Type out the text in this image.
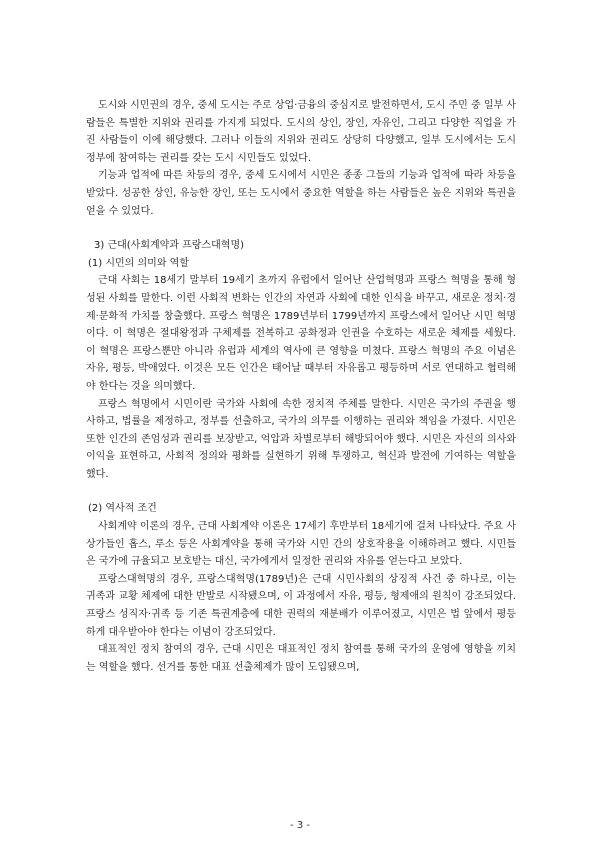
도시와 시민권의 경우, 중세 도시는 주로 상업·금융의 중심지로 발전하면서, 도시 주민 중 일부 사람들은 특별한 지위와 권리를 가지게 되었다. 도시의 상인, 장인, 자유인, 그리고 다양한 직업을 가진 사람들이 이에 해당했다. 그러나 이들의 지위와 권리도 상당히 다양했고, 일부 도시에서는 도시 정부에 참여하는 권리를 갖는 도시 시민들도 있었다.

기능과 업적에 따른 차등의 경우, 중세 도시에서 시민은 종종 그들의 기능과 업적에 따라 차등을 받았다. 성공한 상인, 유능한 장인, 또는 도시에서 중요한 역할을 하는 사람들은 높은 지위와 특권을 얻을 수 있었다.

3) 근대(사회계약과 프랑스대혁명)

(1) 시민의 의미와 역할

근대 사회는 18세기 말부터 19세기 초까지 유럽에서 일어난 산업혁명과 프랑스 혁명을 통해 형성된 사회를 말한다. 이런 사회적 변화는 인간의 자연과 사회에 대한 인식을 바꾸고, 새로운 정치·경제·문화적 가치를 창출했다. 프랑스 혁명은 1789년부터 1799년까지 프랑스에서 일어난 시민 혁명이다. 이 혁명은 절대왕정과 구체제를 전복하고 공화정과 인권을 수호하는 새로운 체제를 세웠다. 이 혁명은 프랑스뿐만 아니라 유럽과 세계의 역사에 큰 영향을 미쳤다. 프랑스 혁명의 주요 이념은 자유, 평등, 박애였다. 이것은 모든 인간은 태어날 때부터 자유롭고 평등하며 서로 연대하고 협력해야 한다는 것을 의미했다.

프랑스 혁명에서 시민이란 국가와 사회에 속한 정치적 주체를 말한다. 시민은 국가의 주권을 행사하고, 법률을 제정하고, 정부를 선출하고, 국가의 의무를 이행하는 권리와 책임을 가졌다. 시민은 또한 인간의 존엄성과 권리를 보장받고, 억압과 차별로부터 해방되어야 했다. 시민은 자신의 의사와 이익을 표현하고, 사회적 정의와 평화를 실현하기 위해 투쟁하고, 혁신과 발전에 기여하는 역할을 했다.

(2) 역사적 조건

사회계약 이론의 경우, 근대 사회계약 이론은 17세기 후반부터 18세기에 걸쳐 나타났다. 주요 사상가들인 홉스, 루소 등은 사회계약을 통해 국가와 시민 간의 상호작용을 이해하려고 했다. 시민들은 국가에 규율되고 보호받는 대신, 국가에게서 일정한 권리와 자유를 얻는다고 보았다.

프랑스대혁명의 경우, 프랑스대혁명(1789년)은 근대 시민사회의 상징적 사건 중 하나로, 이는 귀족과 교황 체제에 대한 반발로 시작됐으며, 이 과정에서 자유, 평등, 형제애의 원칙이 강조되었다. 프랑스 성직자·귀족 등 기존 특권계층에 대한 권력의 재분배가 이루어졌고, 시민은 법 앞에서 평등하게 대우받아야 한다는 이념이 강조되었다.

대표적인 정치 참여의 경우, 근대 시민은 대표적인 정치 참여를 통해 국가의 운영에 영향을 끼치는 역할을 했다. 선거를 통한 대표 선출체제가 많이 도입됐으며,

- 3 -
